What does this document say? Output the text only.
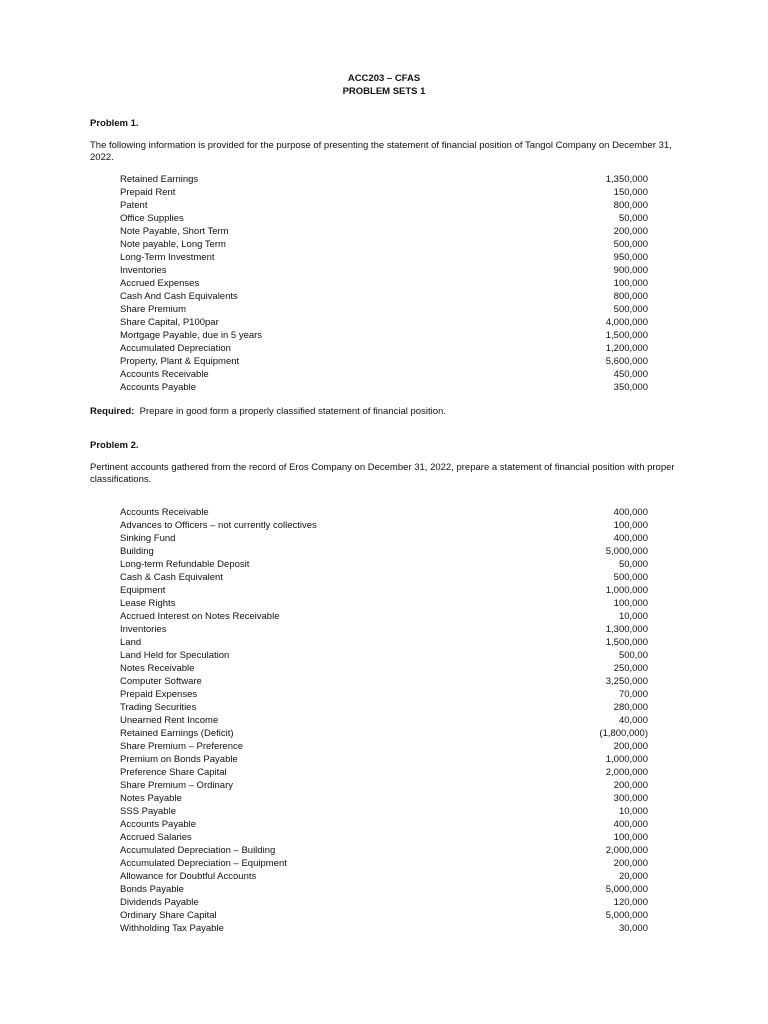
ACC203 – CFAS
PROBLEM SETS 1
Problem 1.
The following information is provided for the purpose of presenting the statement of financial position of Tangol Company on December 31, 2022.
Retained Earnings	1,350,000
Prepaid Rent	150,000
Patent	800,000
Office Supplies	50,000
Note Payable, Short Term	200,000
Note payable, Long Term	500,000
Long-Term Investment	950,000
Inventories	900,000
Accrued Expenses	100,000
Cash And Cash Equivalents	800,000
Share Premium	500,000
Share Capital, P100par	4,000,000
Mortgage Payable, due in 5 years	1,500,000
Accumulated Depreciation	1,200,000
Property, Plant & Equipment	5,600,000
Accounts Receivable	450,000
Accounts Payable	350,000
Required: Prepare in good form a properly classified statement of financial position.
Problem 2.
Pertinent accounts gathered from the record of Eros Company on December 31, 2022, prepare a statement of financial position with proper classifications.
Accounts Receivable	400,000
Advances to Officers – not currently collectives	100,000
Sinking Fund	400,000
Building	5,000,000
Long-term Refundable Deposit	50,000
Cash & Cash Equivalent	500,000
Equipment	1,000,000
Lease Rights	100,000
Accrued Interest on Notes Receivable	10,000
Inventories	1,300,000
Land	1,500,000
Land Held for Speculation	500,00
Notes Receivable	250,000
Computer Software	3,250,000
Prepaid Expenses	70,000
Trading Securities	280,000
Unearned Rent Income	40,000
Retained Earnings (Deficit)	(1,800,000)
Share Premium – Preference	200,000
Premium on Bonds Payable	1,000,000
Preference Share Capital	2,000,000
Share Premium – Ordinary	200,000
Notes Payable	300,000
SSS Payable	10,000
Accounts Payable	400,000
Accrued Salaries	100,000
Accumulated Depreciation – Building	2,000,000
Accumulated Depreciation – Equipment	200,000
Allowance for Doubtful Accounts	20,000
Bonds Payable	5,000,000
Dividends Payable	120,000
Ordinary Share Capital	5,000,000
Withholding Tax Payable	30,000
